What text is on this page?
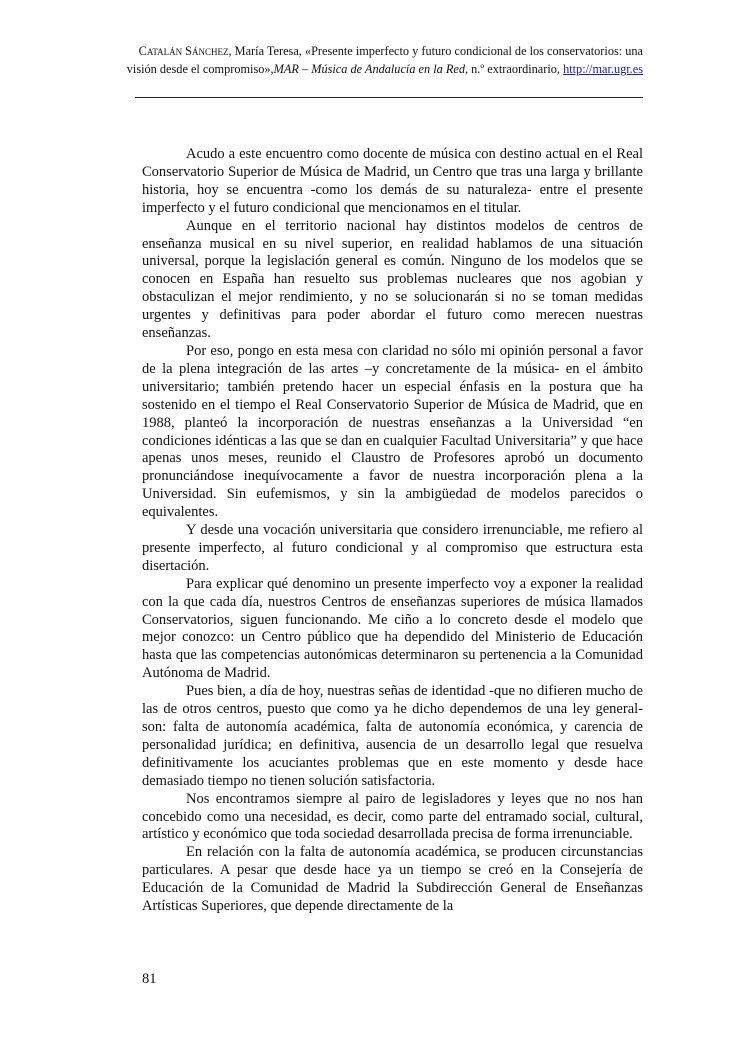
Catalán Sánchez, María Teresa, «Presente imperfecto y futuro condicional de los conservatorios: una visión desde el compromiso»,MAR – Música de Andalucía en la Red, n.º extraordinario, http://mar.ugr.es

Acudo a este encuentro como docente de música con destino actual en el Real Conservatorio Superior de Música de Madrid, un Centro que tras una larga y brillante historia, hoy se encuentra -como los demás de su naturaleza- entre el presente imperfecto y el futuro condicional que mencionamos en el titular.

Aunque en el territorio nacional hay distintos modelos de centros de enseñanza musical en su nivel superior, en realidad hablamos de una situación universal, porque la legislación general es común. Ninguno de los modelos que se conocen en España han resuelto sus problemas nucleares que nos agobian y obstaculizan el mejor rendimiento, y no se solucionarán si no se toman medidas urgentes y definitivas para poder abordar el futuro como merecen nuestras enseñanzas.

Por eso, pongo en esta mesa con claridad no sólo mi opinión personal a favor de la plena integración de las artes –y concretamente de la música- en el ámbito universitario; también pretendo hacer un especial énfasis en la postura que ha sostenido en el tiempo el Real Conservatorio Superior de Música de Madrid, que en 1988, planteó la incorporación de nuestras enseñanzas a la Universidad “en condiciones idénticas a las que se dan en cualquier Facultad Universitaria” y que hace apenas unos meses, reunido el Claustro de Profesores aprobó un documento pronunciándose inequívocamente a favor de nuestra incorporación plena a la Universidad. Sin eufemismos, y sin la ambigüedad de modelos parecidos o equivalentes.

Y desde una vocación universitaria que considero irrenunciable, me refiero al presente imperfecto, al futuro condicional y al compromiso que estructura esta disertación.

Para explicar qué denomino un presente imperfecto voy a exponer la realidad con la que cada día, nuestros Centros de enseñanzas superiores de música llamados Conservatorios, siguen funcionando. Me ciño a lo concreto desde el modelo que mejor conozco: un Centro público que ha dependido del Ministerio de Educación hasta que las competencias autonómicas determinaron su pertenencia a la Comunidad Autónoma de Madrid.

Pues bien, a día de hoy, nuestras señas de identidad -que no difieren mucho de las de otros centros, puesto que como ya he dicho dependemos de una ley general- son: falta de autonomía académica, falta de autonomía económica, y carencia de personalidad jurídica; en definitiva, ausencia de un desarrollo legal que resuelva definitivamente los acuciantes problemas que en este momento y desde hace demasiado tiempo no tienen solución satisfactoria.

Nos encontramos siempre al pairo de legisladores y leyes que no nos han concebido como una necesidad, es decir, como parte del entramado social, cultural, artístico y económico que toda sociedad desarrollada precisa de forma irrenunciable.

En relación con la falta de autonomía académica, se producen circunstancias particulares. A pesar que desde hace ya un tiempo se creó en la Consejería de Educación de la Comunidad de Madrid la Subdirección General de Enseñanzas Artísticas Superiores, que depende directamente de la

81
